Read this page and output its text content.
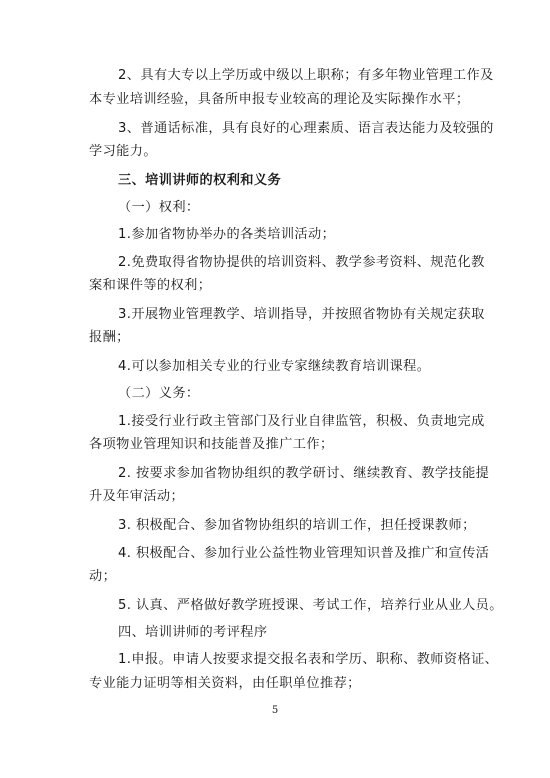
2、具有大专以上学历或中级以上职称；有多年物业管理工作及
本专业培训经验，具备所申报专业较高的理论及实际操作水平；
3、普通话标准，具有良好的心理素质、语言表达能力及较强的
学习能力。
三、培训讲师的权利和义务
（一）权利：
1.参加省物协举办的各类培训活动；
2.免费取得省物协提供的培训资料、教学参考资料、规范化教
案和课件等的权利；
3.开展物业管理教学、培训指导，并按照省物协有关规定获取
报酬；
4.可以参加相关专业的行业专家继续教育培训课程。
（二）义务：
1.接受行业行政主管部门及行业自律监管，积极、负责地完成
各项物业管理知识和技能普及推广工作；
2. 按要求参加省物协组织的教学研讨、继续教育、教学技能提
升及年审活动；
3. 积极配合、参加省物协组织的培训工作，担任授课教师；
4. 积极配合、参加行业公益性物业管理知识普及推广和宣传活
动；
5. 认真、严格做好教学班授课、考试工作，培养行业从业人员。
四、培训讲师的考评程序
1.申报。申请人按要求提交报名表和学历、职称、教师资格证、
专业能力证明等相关资料，由任职单位推荐；
5
